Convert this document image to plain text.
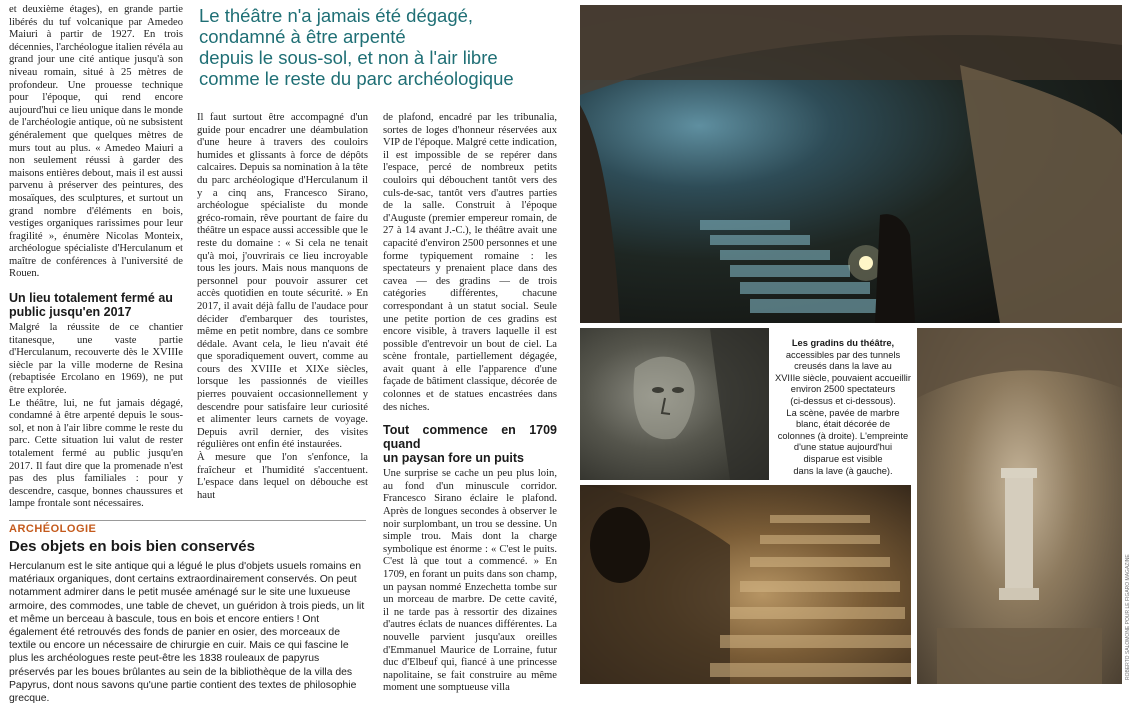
Le théâtre n'a jamais été dégagé,
condamné à être arpenté
depuis le sous-sol, et non à l'air libre
comme le reste du parc archéologique

et deuxième étages), en grande partie libérés du tuf volcanique par Amedeo Maiuri à partir de 1927. En trois décennies, l'archéologue italien révéla au grand jour une cité antique jusqu'à son niveau romain, situé à 25 mètres de profondeur. Une prouesse technique pour l'époque, qui rend encore aujourd'hui ce lieu unique dans le monde de l'archéologie antique, où ne subsistent généralement que quelques mètres de murs tout au plus. « Amedeo Maiuri a non seulement réussi à garder des maisons entières debout, mais il est aussi parvenu à préserver des peintures, des mosaïques, des sculptures, et surtout un grand nombre d'éléments en bois, vestiges organiques rarissimes pour leur fragilité », énumère Nicolas Monteix, archéologue spécialiste d'Herculanum et maître de conférences à l'université de Rouen.

Un lieu totalement fermé au
public jusqu'en 2017

Malgré la réussite de ce chantier titanesque, une vaste partie d'Herculanum, recouverte dès le XVIIIe siècle par la ville moderne de Resina (rebaptisée Ercolano en 1969), ne put être explorée.

Le théâtre, lui, ne fut jamais dégagé, condamné à être arpenté depuis le sous-sol, et non à l'air libre comme le reste du parc. Cette situation lui valut de rester totalement fermé au public jusqu'en 2017. Il faut dire que la promenade n'est pas des plus familiales : pour y descendre, casque, bonnes chaussures et lampe frontale sont nécessaires.

Il faut surtout être accompagné d'un guide pour encadrer une déambulation d'une heure à travers des couloirs humides et glissants à force de dépôts calcaires. Depuis sa nomination à la tête du parc archéologique d'Herculanum il y a cinq ans, Francesco Sirano, archéologue spécialiste du monde gréco-romain, rêve pourtant de faire du théâtre un espace aussi accessible que le reste du domaine : « Si cela ne tenait qu'à moi, j'ouvrirais ce lieu incroyable tous les jours. Mais nous manquons de personnel pour pouvoir assurer cet accès quotidien en toute sécurité. » En 2017, il avait déjà fallu de l'audace pour décider d'embarquer des touristes, même en petit nombre, dans ce sombre dédale. Avant cela, le lieu n'avait été que sporadiquement ouvert, comme au cours des XVIIIe et XIXe siècles, lorsque les passionnés de vieilles pierres pouvaient occasionnellement y descendre pour satisfaire leur curiosité et alimenter leurs carnets de voyage. Depuis avril dernier, des visites régulières ont enfin été instaurées.

À mesure que l'on s'enfonce, la fraîcheur et l'humidité s'accentuent. L'espace dans lequel on débouche est haut

de plafond, encadré par les tribunalia, sortes de loges d'honneur réservées aux VIP de l'époque. Malgré cette indication, il est impossible de se repérer dans l'espace, percé de nombreux petits couloirs qui débouchent tantôt vers des culs-de-sac, tantôt vers d'autres parties de la salle. Construit à l'époque d'Auguste (premier empereur romain, de 27 à 14 avant J.-C.), le théâtre avait une capacité d'environ 2500 personnes et une forme typiquement romaine : les spectateurs y prenaient place dans des cavea — des gradins — de trois catégories différentes, chacune correspondant à un statut social. Seule une petite portion de ces gradins est encore visible, à travers laquelle il est possible d'entrevoir un bout de ciel. La scène frontale, partiellement dégagée, avait quant à elle l'apparence d'une façade de bâtiment classique, décorée de colonnes et de statues encastrées dans des niches.

Tout commence en 1709 quand
un paysan fore un puits

Une surprise se cache un peu plus loin, au fond d'un minuscule corridor. Francesco Sirano éclaire le plafond. Après de longues secondes à observer le noir surplombant, un trou se dessine. Un simple trou. Mais dont la charge symbolique est énorme : « C'est le puits. C'est là que tout a commencé. » En 1709, en forant un puits dans son champ, un paysan nommé Enzechetta tombe sur un morceau de marbre. De cette cavité, il ne tarde pas à ressortir des dizaines d'autres éclats de nuances différentes. La nouvelle parvient jusqu'aux oreilles d'Emmanuel Maurice de Lorraine, futur duc d'Elbeuf qui, fiancé à une princesse napolitaine, se fait construire au même moment une somptueuse villa

ARCHÉOLOGIE
Des objets en bois bien conservés
Herculanum est le site antique qui a légué le plus d'objets usuels romains en matériaux organiques, dont certains extraordinairement conservés. On peut notamment admirer dans le petit musée aménagé sur le site une luxueuse armoire, des commodes, une table de chevet, un guéridon à trois pieds, un lit et même un berceau à bascule, tous en bois et encore entiers ! Ont également été retrouvés des fonds de panier en osier, des morceaux de textile ou encore un nécessaire de chirurgie en cuir. Mais ce qui fascine le plus les archéologues reste peut-être les 1838 rouleaux de papyrus préservés par les boues brûlantes au sein de la bibliothèque de la villa des Papyrus, dont nous savons qu'une partie contient des textes de philosophie grecque.
Les gradins du théâtre,
accessibles par des tunnels
creusés dans la lave au
XVIIIe siècle, pouvaient accueillir
environ 2500 spectateurs
(ci-dessus et ci-dessous).
La scène, pavée de marbre
blanc, était décorée de
colonnes (à droite). L'empreinte
d'une statue aujourd'hui
disparue est visible
dans la lave (à gauche).
ROBERTO SALOMONE POUR LE FIGARO MAGAZINE
